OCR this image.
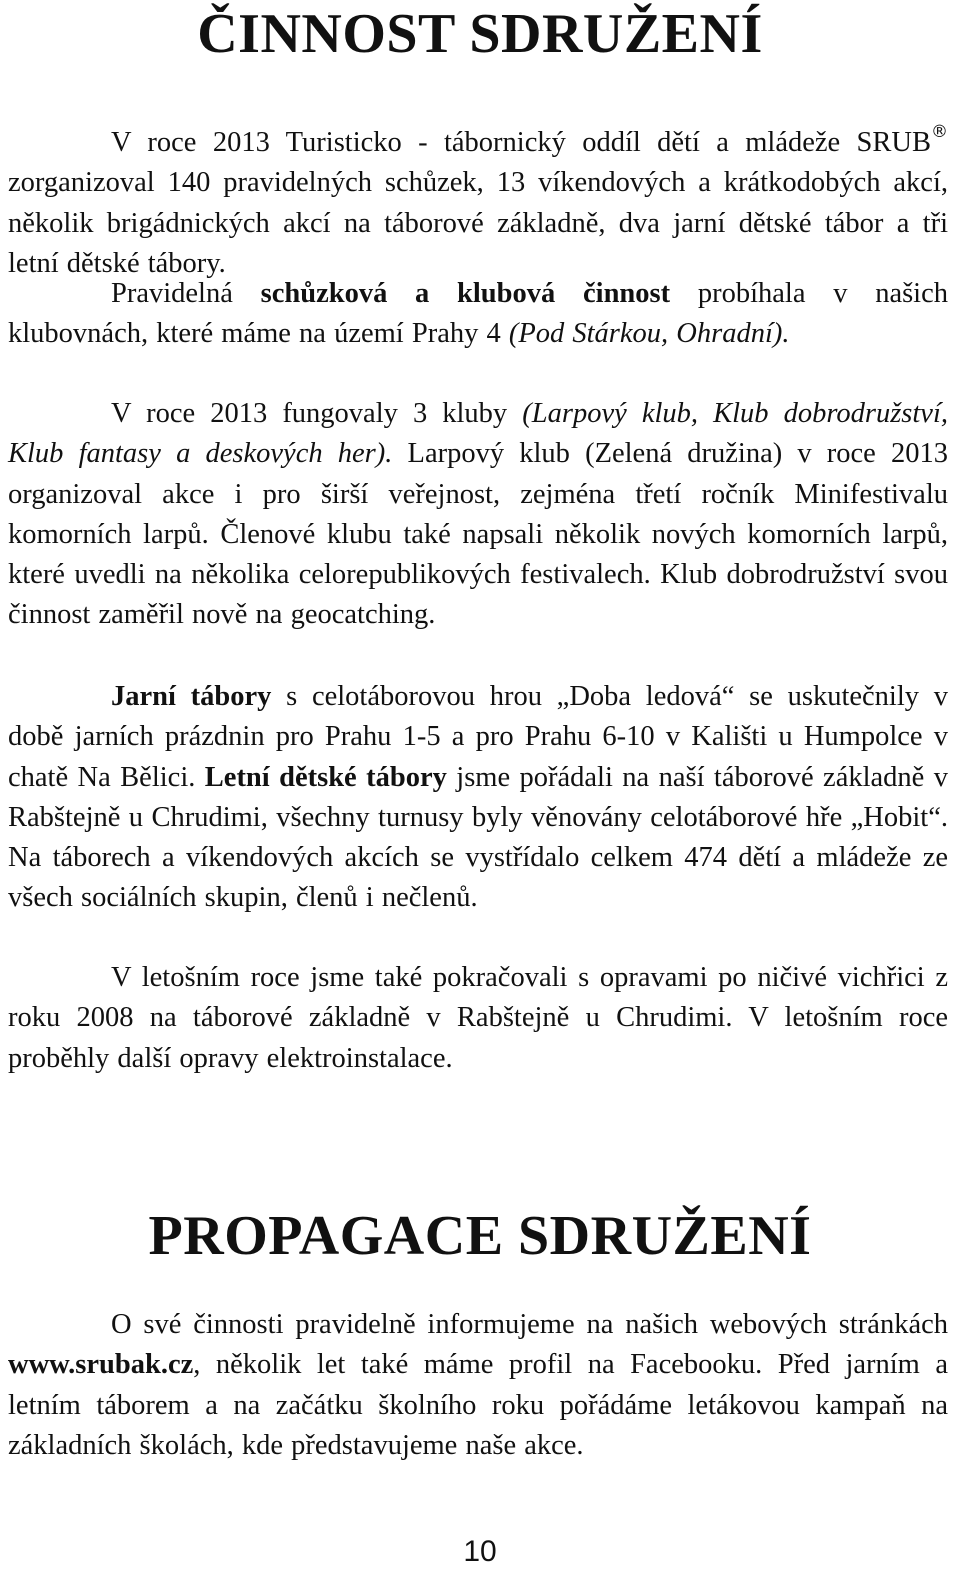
ČINNOST SDRUŽENÍ

V roce 2013 Turisticko - tábornický oddíl dětí a mládeže SRUB® zorganizoval 140 pravidelných schůzek, 13 víkendových a krátkodobých akcí, několik brigádnických akcí na táborové základně, dva jarní dětské tábor a tři letní dětské tábory.

Pravidelná schůzková a klubová činnost probíhala v našich klubovnách, které máme na území Prahy 4 (Pod Stárkou, Ohradní).

V roce 2013 fungovaly 3 kluby (Larpový klub, Klub dobrodružství, Klub fantasy a deskových her). Larpový klub (Zelená družina) v roce 2013 organizoval akce i pro širší veřejnost, zejména třetí ročník Minifestivalu komorních larpů. Členové klubu také napsali několik nových komorních larpů, které uvedli na několika celorepublikových festivalech. Klub dobrodružství svou činnost zaměřil nově na geocatching.

Jarní tábory s celotáborovou hrou „Doba ledová“ se uskutečnily v době jarních prázdnin pro Prahu 1-5 a pro Prahu 6-10 v Kališti u Humpolce v chatě Na Bělici. Letní dětské tábory jsme pořádali na naší táborové základně v Rabštejně u Chrudimi, všechny turnusy byly věnovány celotáborové hře „Hobit“. Na táborech a víkendových akcích se vystřídalo celkem 474 dětí a mládeže ze všech sociálních skupin, členů i nečlenů.

V letošním roce jsme také pokračovali s opravami po ničivé vichřici z roku 2008 na táborové základně v Rabštejně u Chrudimi. V letošním roce proběhly další opravy elektroinstalace.

PROPAGACE SDRUŽENÍ

O své činnosti pravidelně informujeme na našich webových stránkách www.srubak.cz, několik let také máme profil na Facebooku. Před jarním a letním táborem a na začátku školního roku pořádáme letákovou kampaň na základních školách, kde představujeme naše akce.

10
